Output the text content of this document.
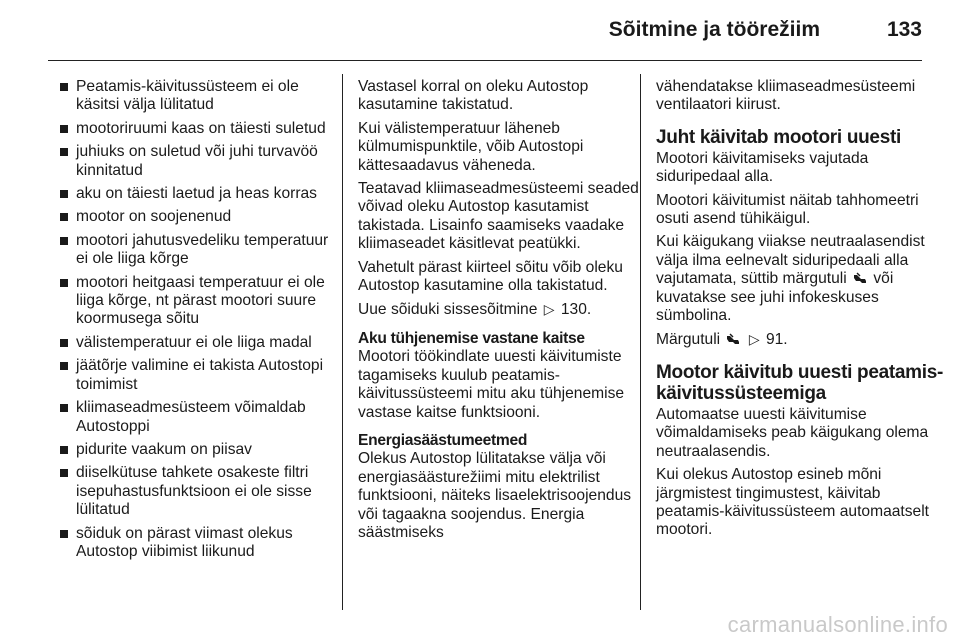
Sõitmine ja töörežiim	133
Peatamis-käivitussüsteem ei ole käsitsi välja lülitatud
mootoriruumi kaas on täiesti suletud
juhiuks on suletud või juhi turvavöö kinnitatud
aku on täiesti laetud ja heas korras
mootor on soojenenud
mootori jahutusvedeliku temperatuur ei ole liiga kõrge
mootori heitgaasi temperatuur ei ole liiga kõrge, nt pärast mootori suure koormusega sõitu
välistemperatuur ei ole liiga madal
jäätõrje valimine ei takista Autostopi toimimist
kliimaseadmesüsteem võimaldab Autostoppi
pidurite vaakum on piisav
diiselkütuse tahkete osakeste filtri isepuhastusfunktsioon ei ole sisse lülitatud
sõiduk on pärast viimast olekus Autostop viibimist liikunud

Vastasel korral on oleku Autostop kasutamine takistatud.

Kui välistemperatuur läheneb külmumispunktile, võib Autostopi kättesaadavus väheneda.

Teatavad kliimaseadmesüsteemi seaded võivad oleku Autostop kasutamist takistada. Lisainfo saamiseks vaadake kliimaseadet käsitlevat peatükki.

Vahetult pärast kiirteel sõitu võib oleku Autostop kasutamine olla takistatud.

Uue sõiduki sissesõitmine ▷ 130.

Aku tühjenemise vastane kaitse

Mootori töökindlate uuesti käivitumiste tagamiseks kuulub peatamis-käivitussüsteemi mitu aku tühjenemise vastase kaitse funktsiooni.

Energiasäästumeetmed

Olekus Autostop lülitatakse välja või energiasäästurežiimi mitu elektrilist funktsiooni, näiteks lisaelektrisoojendus või tagaakna soojendus. Energia säästmiseks

vähendatakse kliimaseadmesüsteemi ventilaatori kiirust.

Juht käivitab mootori uuesti

Mootori käivitamiseks vajutada siduripedaal alla.

Mootori käivitumist näitab tahhomeetri osuti asend tühikäigul.

Kui käigukang viiakse neutraalasendist välja ilma eelnevalt siduripedaali alla vajutamata, süttib märgutuli või kuvatakse see juhi infokeskuses sümbolina.

Märgutuli ▷ 91.

Mootor käivitub uuesti peatamis-käivitussüsteemiga

Automaatse uuesti käivitumise võimaldamiseks peab käigukang olema neutraalasendis.

Kui olekus Autostop esineb mõni järgmistest tingimustest, käivitab peatamis-käivitussüsteem automaatselt mootori.

carmanualsonline.info
